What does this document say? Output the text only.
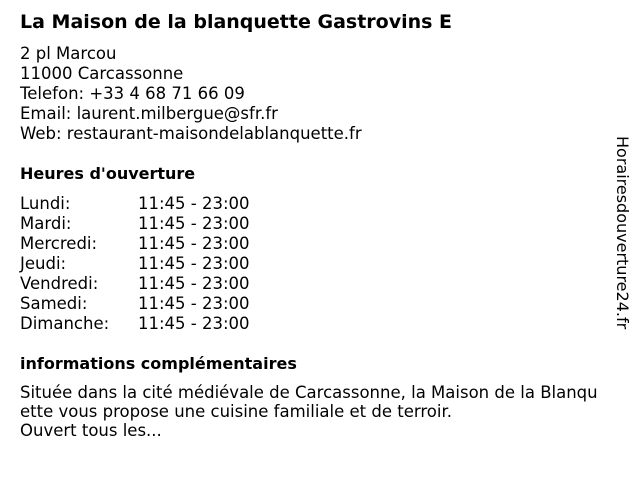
La Maison de la blanquette Gastrovins E
2 pl Marcou
11000 Carcassonne
Telefon: +33 4 68 71 66 09
Email: laurent.milbergue@sfr.fr
Web: restaurant-maisondelablanquette.fr
Heures d'ouverture
Lundi:	11:45 - 23:00
Mardi:	11:45 - 23:00
Mercredi:	11:45 - 23:00
Jeudi:	11:45 - 23:00
Vendredi:	11:45 - 23:00
Samedi:	11:45 - 23:00
Dimanche:	11:45 - 23:00
informations complémentaires
Située dans la cité médiévale de Carcassonne, la Maison de la Blanqu
ette vous propose une cuisine familiale et de terroir.
Ouvert tous les...
Horairesdouverture24.fr
